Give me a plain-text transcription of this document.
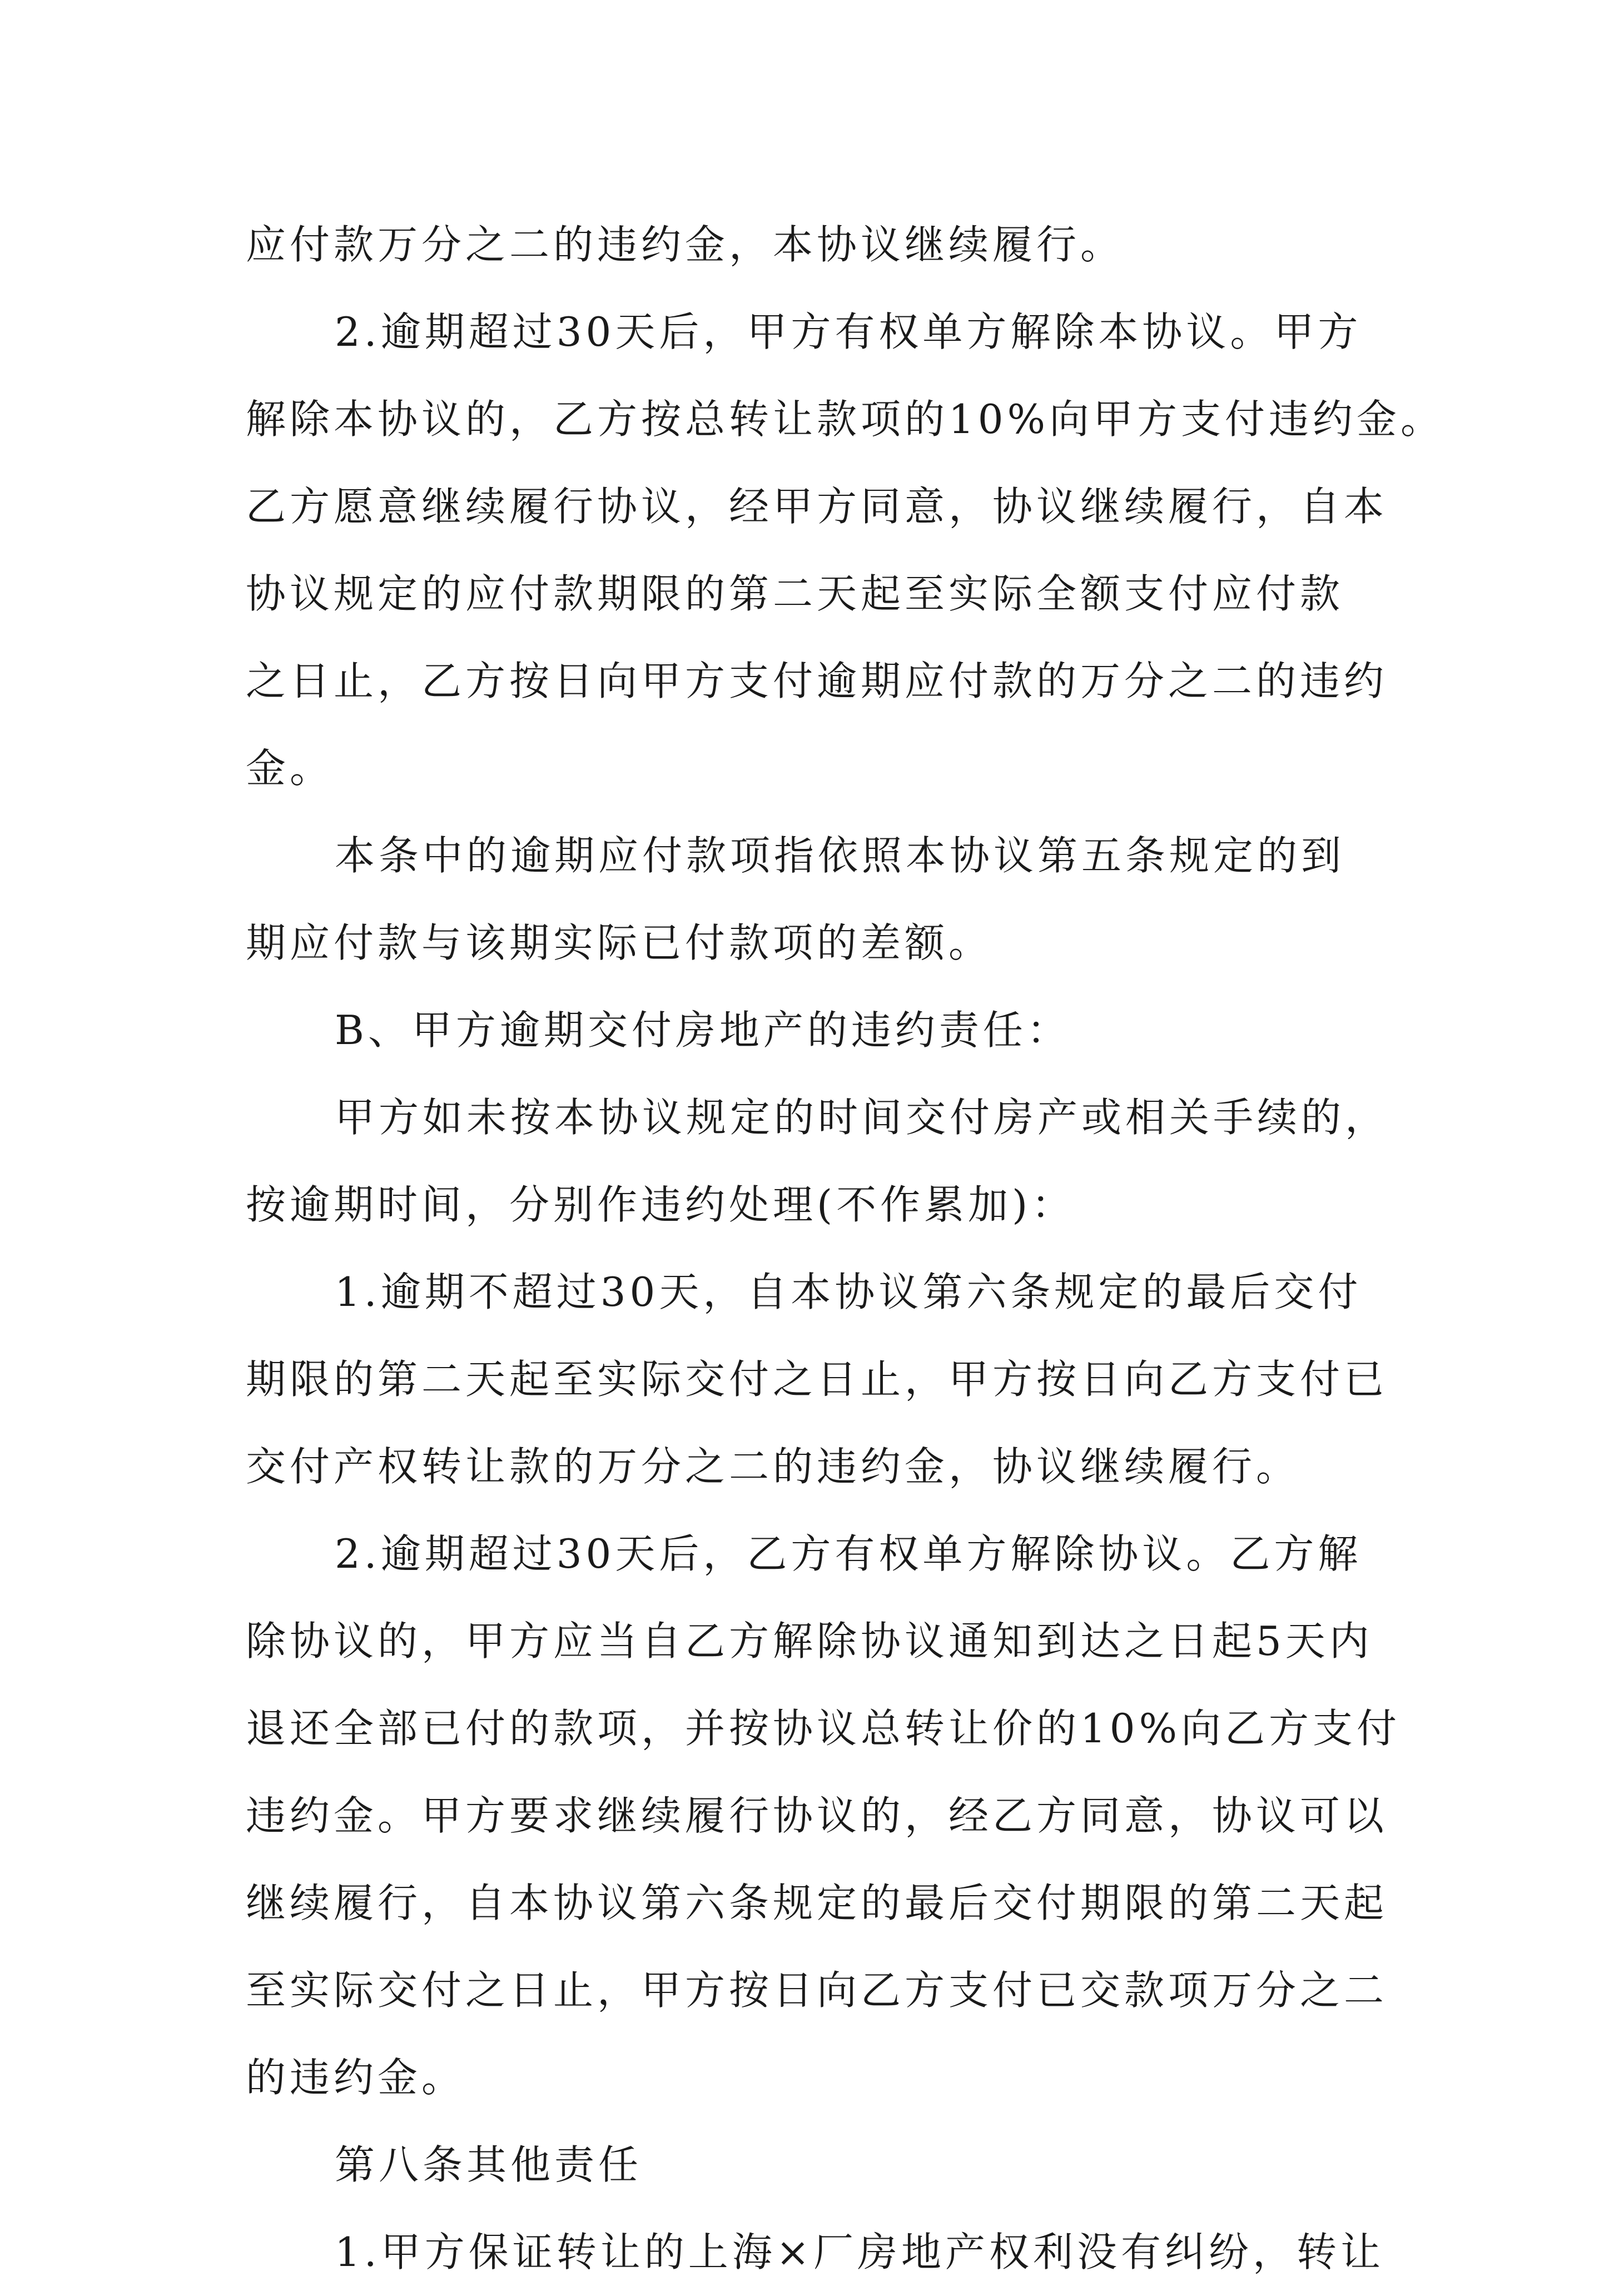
应付款万分之二的违约金，本协议继续履行。
2.逾期超过30天后，甲方有权单方解除本协议。甲方
解除本协议的，乙方按总转让款项的10%向甲方支付违约金。
乙方愿意继续履行协议，经甲方同意，协议继续履行，自本
协议规定的应付款期限的第二天起至实际全额支付应付款
之日止，乙方按日向甲方支付逾期应付款的万分之二的违约
金。
本条中的逾期应付款项指依照本协议第五条规定的到
期应付款与该期实际已付款项的差额。
B、甲方逾期交付房地产的违约责任：
甲方如未按本协议规定的时间交付房产或相关手续的，
按逾期时间，分别作违约处理(不作累加)：
1.逾期不超过30天，自本协议第六条规定的最后交付
期限的第二天起至实际交付之日止，甲方按日向乙方支付已
交付产权转让款的万分之二的违约金，协议继续履行。
2.逾期超过30天后，乙方有权单方解除协议。乙方解
除协议的，甲方应当自乙方解除协议通知到达之日起5天内
退还全部已付的款项，并按协议总转让价的10%向乙方支付
违约金。甲方要求继续履行协议的，经乙方同意，协议可以
继续履行，自本协议第六条规定的最后交付期限的第二天起
至实际交付之日止，甲方按日向乙方支付已交款项万分之二
的违约金。
第八条其他责任
1.甲方保证转让的上海×厂房地产权利没有纠纷，转让
